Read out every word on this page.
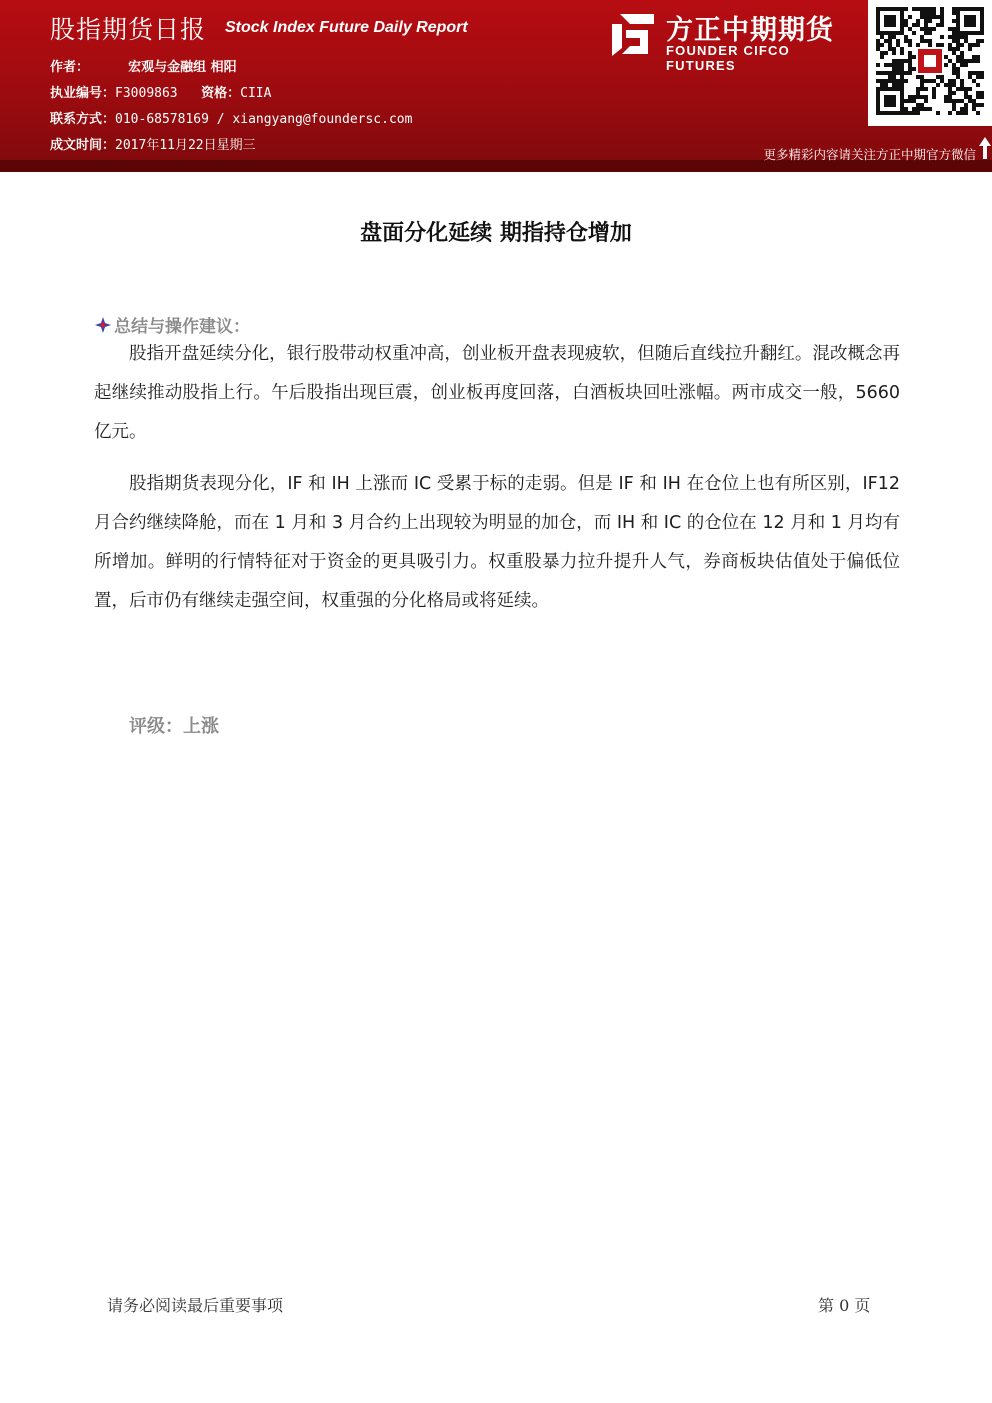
股指期货日报 Stock Index Future Daily Report
作者：	宏观与金融组 相阳
执业编号：F3009863 资格：CIIA
联系方式：010-68578169 / xiangyang@foundersc.com
成文时间：2017年11月22日星期三
方正中期期货
FOUNDER CIFCO FUTURES
更多精彩内容请关注方正中期官方微信
盘面分化延续 期指持仓增加
总结与操作建议：
股指开盘延续分化，银行股带动权重冲高，创业板开盘表现疲软，但随后直线拉升翻红。混改概念再起继续推动股指上行。午后股指出现巨震，创业板再度回落，白酒板块回吐涨幅。两市成交一般，5660 亿元。
股指期货表现分化，IF 和 IH 上涨而 IC 受累于标的走弱。但是 IF 和 IH 在仓位上也有所区别，IF12 月合约继续降舱，而在 1 月和 3 月合约上出现较为明显的加仓，而 IH 和 IC 的仓位在 12 月和 1 月均有所增加。鲜明的行情特征对于资金的更具吸引力。权重股暴力拉升提升人气，券商板块估值处于偏低位置，后市仍有继续走强空间，权重强的分化格局或将延续。
评级：上涨
请务必阅读最后重要事项	第 0 页
